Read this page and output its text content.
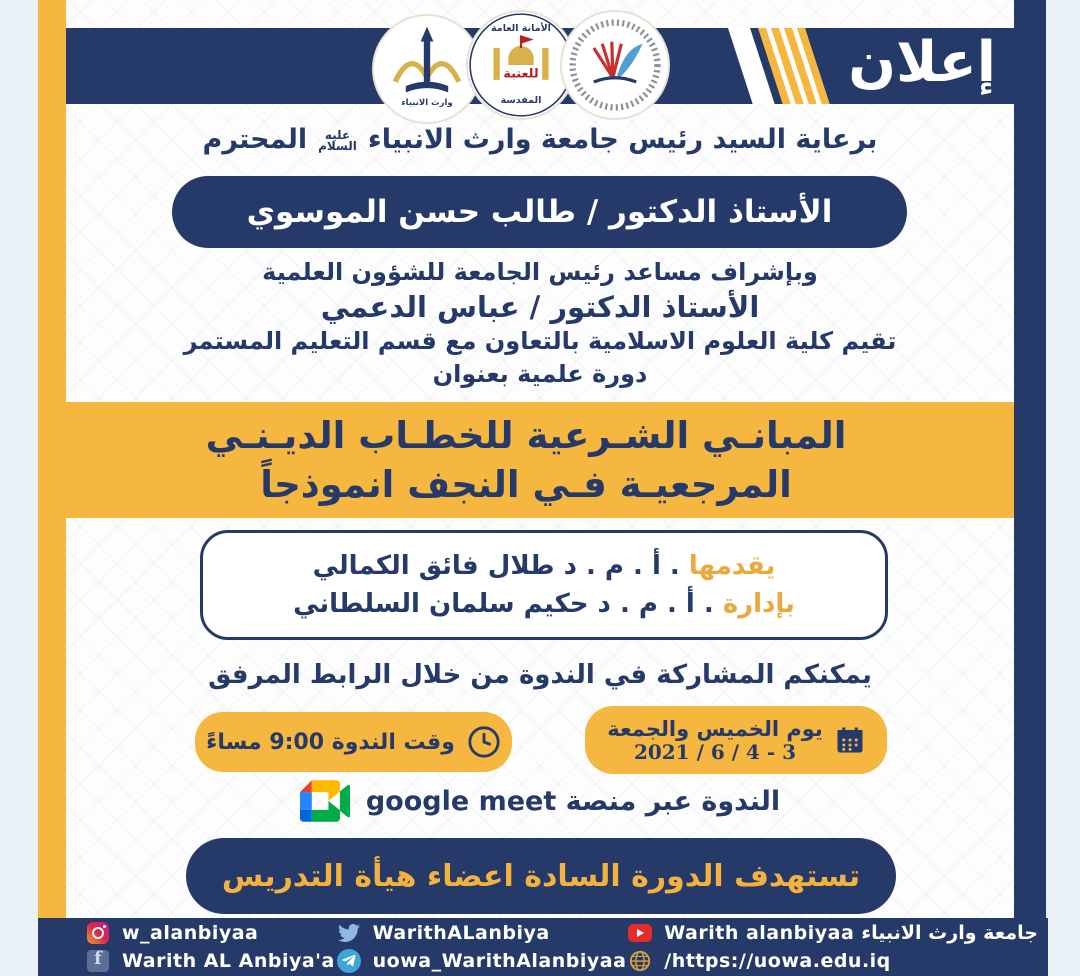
إعلان
وارث الانبياء
الأمانة العامة
للعتبة
المقدسة
برعاية السيد رئيس جامعة وارث الانبياء عليه السلام المحترم
الأستاذ الدكتور / طالب حسن الموسوي
وبإشراف مساعد رئيس الجامعة للشؤون العلمية
الأستاذ الدكتور / عباس الدعمي
تقيم كلية العلوم الاسلامية بالتعاون مع قسم التعليم المستمر
دورة علمية بعنوان
المبانـي الشـرعية للخطـاب الديـنـي
المرجعيـة فـي النجف انموذجاً
يقدمها . أ . م . د طلال فائق الكمالي
بإدارة . أ . م . د حكيم سلمان السلطاني
يمكنكم المشاركة في الندوة من خلال الرابط المرفق
يوم الخميس والجمعة
2021 / 6 / 4 - 3
وقت الندوة 9:00 مساءً
الندوة عبر منصة google meet
تستهدف الدورة السادة اعضاء هيأة التدريس
w_alanbiyaa
f
Warith AL Anbiya'a
WarithALanbiya
uowa_WarithAlanbiyaa
Warith alanbiyaa جامعة وارث الانبياء
/https://uowa.edu.iq
